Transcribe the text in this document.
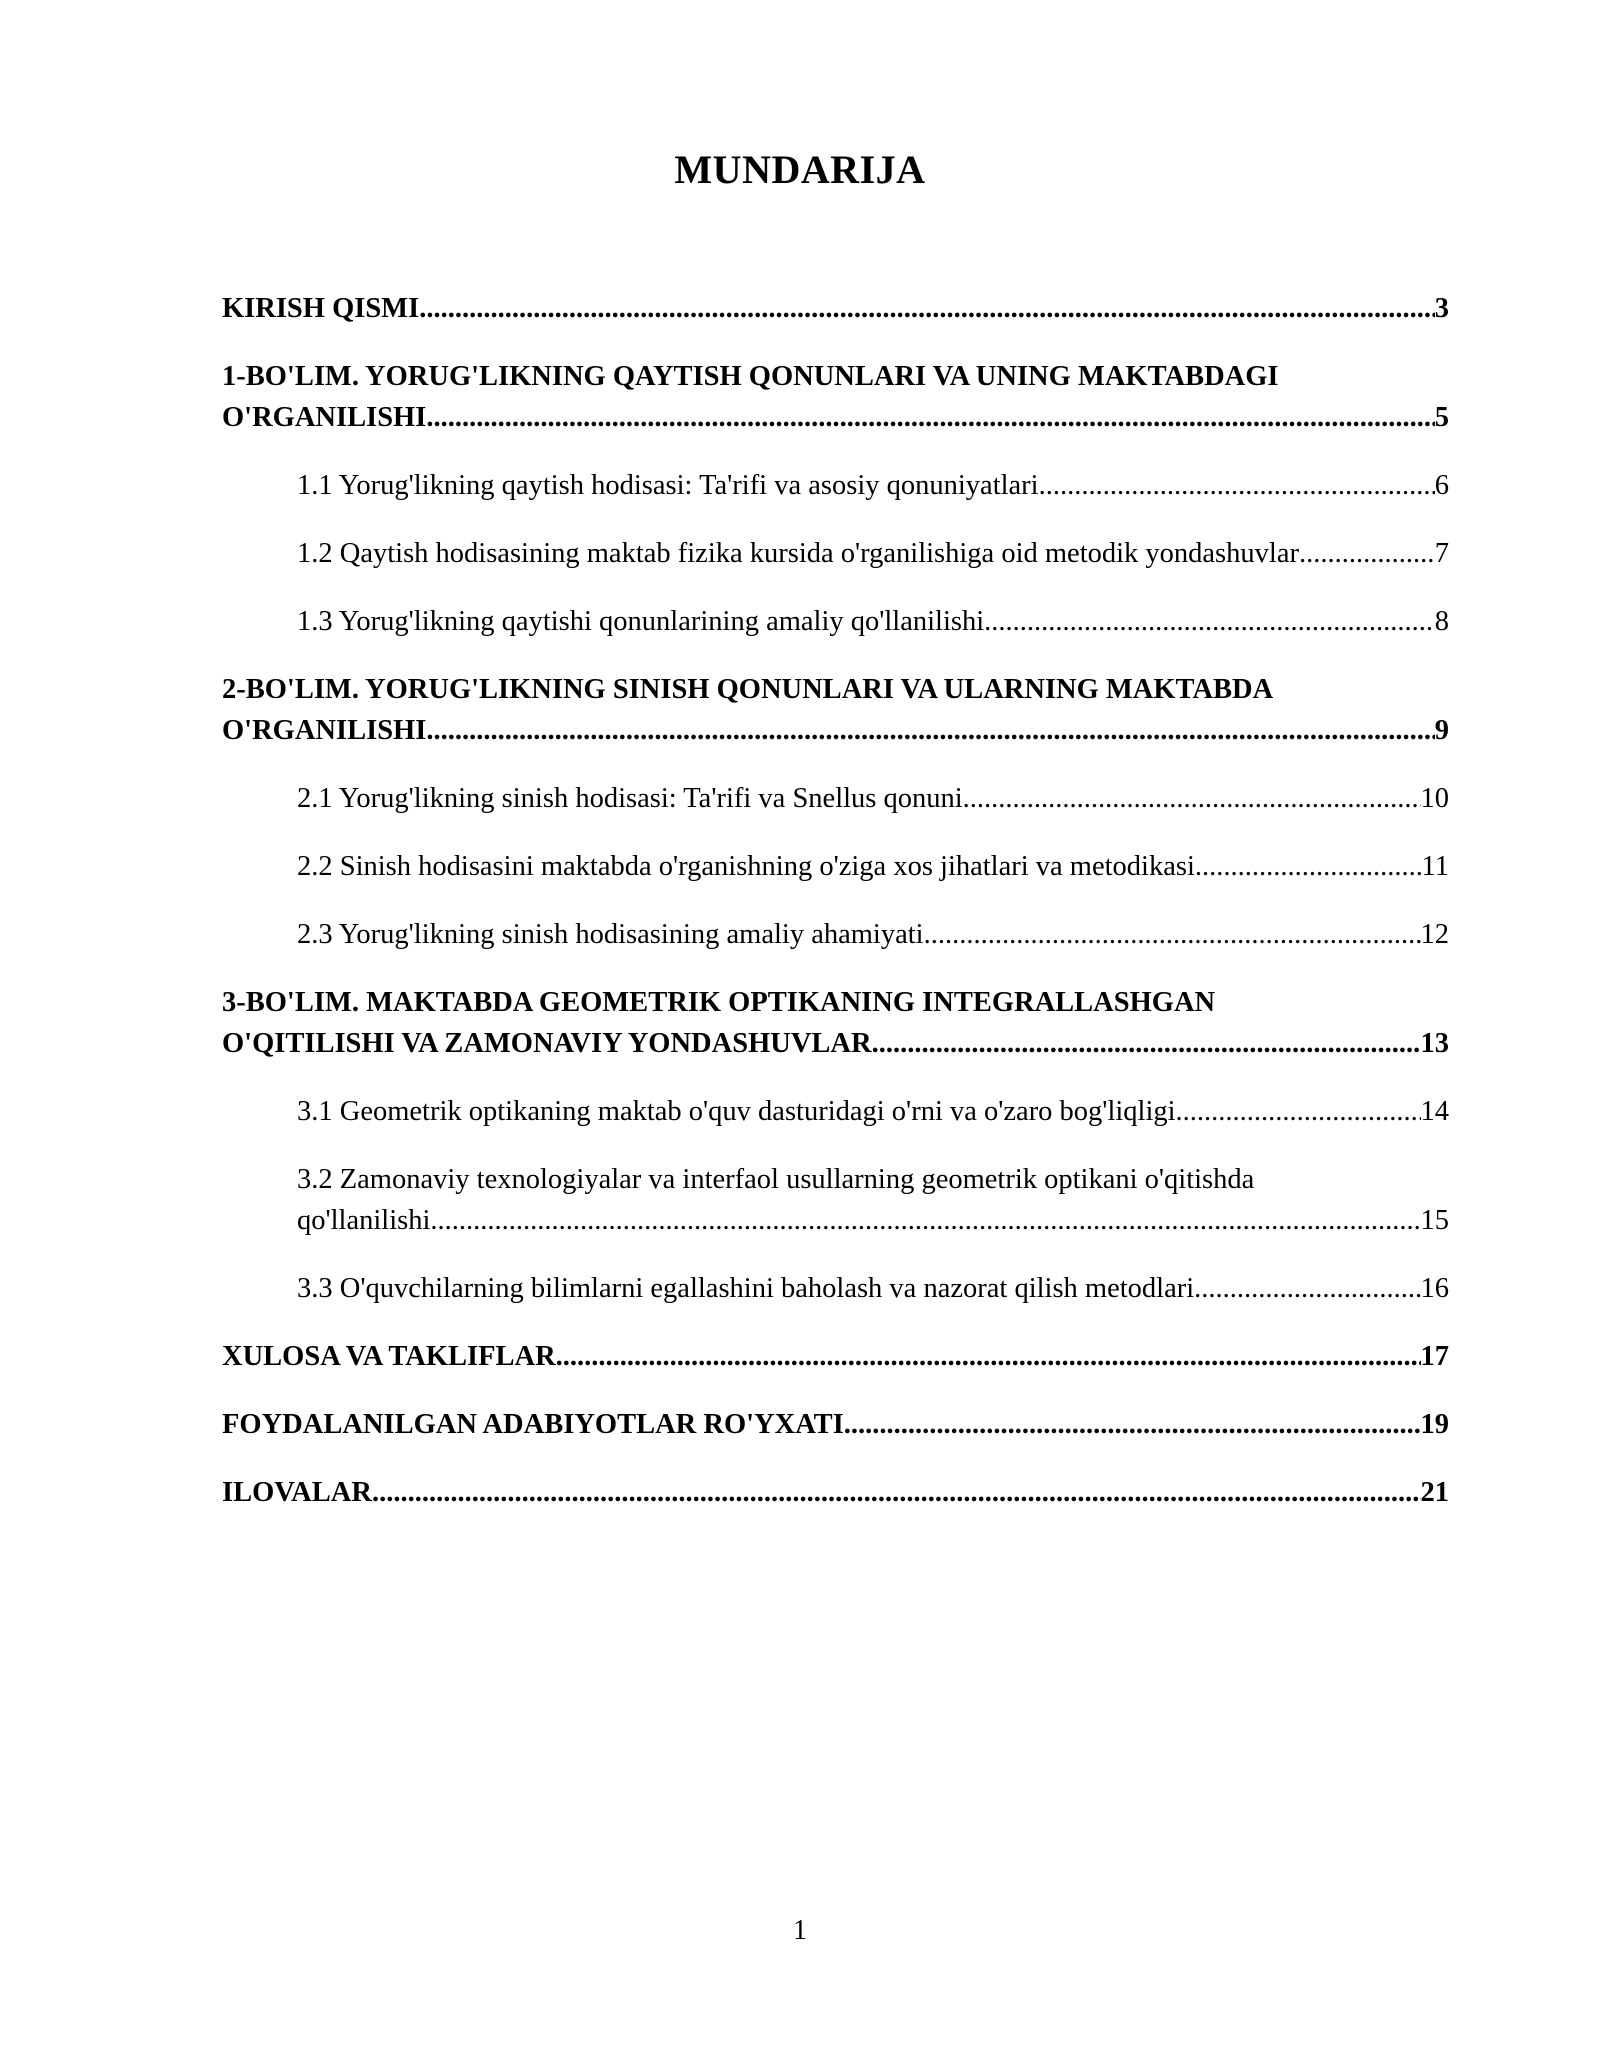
MUNDARIJA
KIRISH QISMI .....	3
1-BO'LIM. YORUG'LIKNING QAYTISH QONUNLARI VA UNING MAKTABDAGI
O'RGANILISHI .....	5
1.1 Yorug'likning qaytish hodisasi: Ta'rifi va asosiy qonuniyatlari .....	6
1.2 Qaytish hodisasining maktab fizika kursida o'rganilishiga oid metodik yondashuvlar .....	7
1.3 Yorug'likning qaytishi qonunlarining amaliy qo'llanilishi .....	8
2-BO'LIM. YORUG'LIKNING SINISH QONUNLARI VA ULARNING MAKTABDA
O'RGANILISHI .....	9
2.1 Yorug'likning sinish hodisasi: Ta'rifi va Snellus qonuni .....	10
2.2 Sinish hodisasini maktabda o'rganishning o'ziga xos jihatlari va metodikasi .....	11
2.3 Yorug'likning sinish hodisasining amaliy ahamiyati .....	12
3-BO'LIM. MAKTABDA GEOMETRIK OPTIKANING INTEGRALLASHGAN
O'QITILISHI VA ZAMONAVIY YONDASHUVLAR .....	13
3.1 Geometrik optikaning maktab o'quv dasturidagi o'rni va o'zaro bog'liqligi .....	14
3.2 Zamonaviy texnologiyalar va interfaol usullarning geometrik optikani o'qitishda
qo'llanilishi .....	15
3.3 O'quvchilarning bilimlarni egallashini baholash va nazorat qilish metodlari .....	16
XULOSA VA TAKLIFLAR .....	17
FOYDALANILGAN ADABIYOTLAR RO'YXATI .....	19
ILOVALAR .....	21
1
